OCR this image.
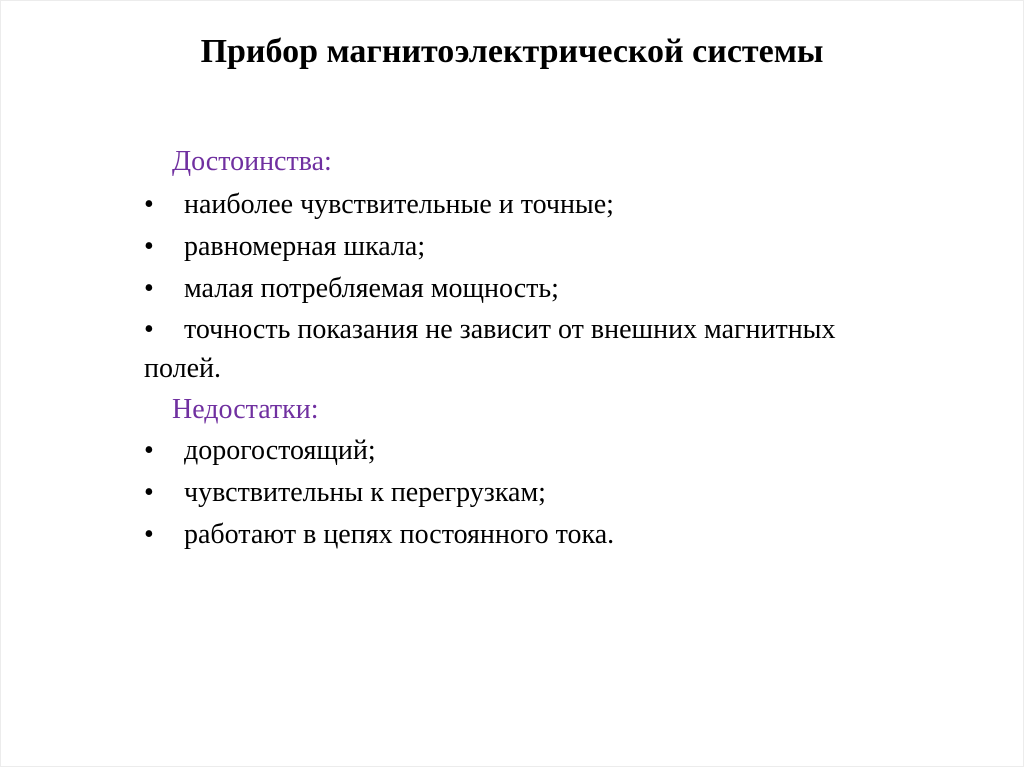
Прибор магнитоэлектрической системы
Достоинства:
• наиболее чувствительные и точные;
• равномерная шкала;
• малая потребляемая мощность;
• точность показания не зависит от внешних магнитных
полей.
Недостатки:
• дорогостоящий;
• чувствительны к перегрузкам;
• работают в цепях постоянного тока.
